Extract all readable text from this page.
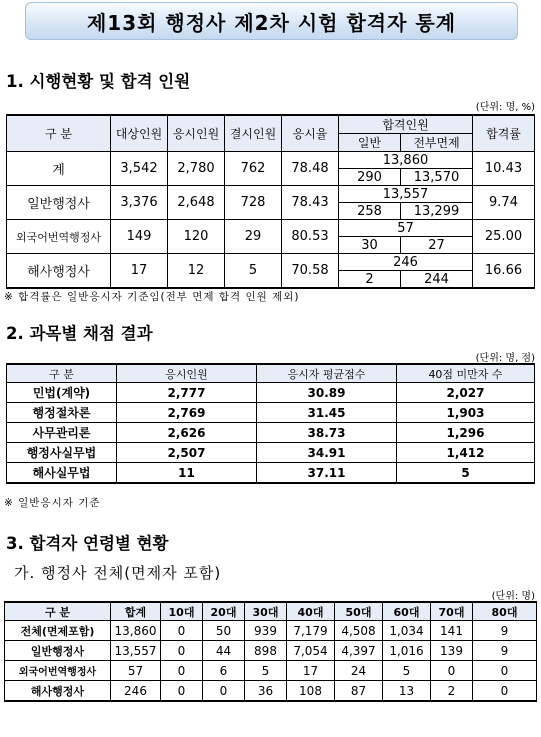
제13회 행정사 제2차 시험 합격자 통계
1. 시행현황 및 합격 인원
(단위: 명, %)
구 분	대상인원	응시인원	결시인원	응시율	합격인원		합격률
					일반	전부면제	
계	3,542	2,780	762	78.48	13,860		10.43
					290	13,570	
일반행정사	3,376	2,648	728	78.43	13,557		9.74
					258	13,299	
외국어번역행정사	149	120	29	80.53	57		25.00
					30	27	
해사행정사	17	12	5	70.58	246		16.66
					2	244	
※ 합격률은 일반응시자 기준임(전부 면제 합격 인원 제외)
2. 과목별 채점 결과
(단위: 명, 점)
구 분	응시인원	응시자 평균점수	40점 미만자 수
민법(계약)	2,777	30.89	2,027
행정절차론	2,769	31.45	1,903
사무관리론	2,626	38.73	1,296
행정사실무법	2,507	34.91	1,412
해사실무법	11	37.11	5
※ 일반응시자 기준
3. 합격자 연령별 현황
가. 행정사 전체(면제자 포함)
(단위: 명)
구 분	합계	10대	20대	30대	40대	50대	60대	70대	80대
전체(면제포함)	13,860	0	50	939	7,179	4,508	1,034	141	9
일반행정사	13,557	0	44	898	7,054	4,397	1,016	139	9
외국어번역행정사	57	0	6	5	17	24	5	0	0
해사행정사	246	0	0	36	108	87	13	2	0
